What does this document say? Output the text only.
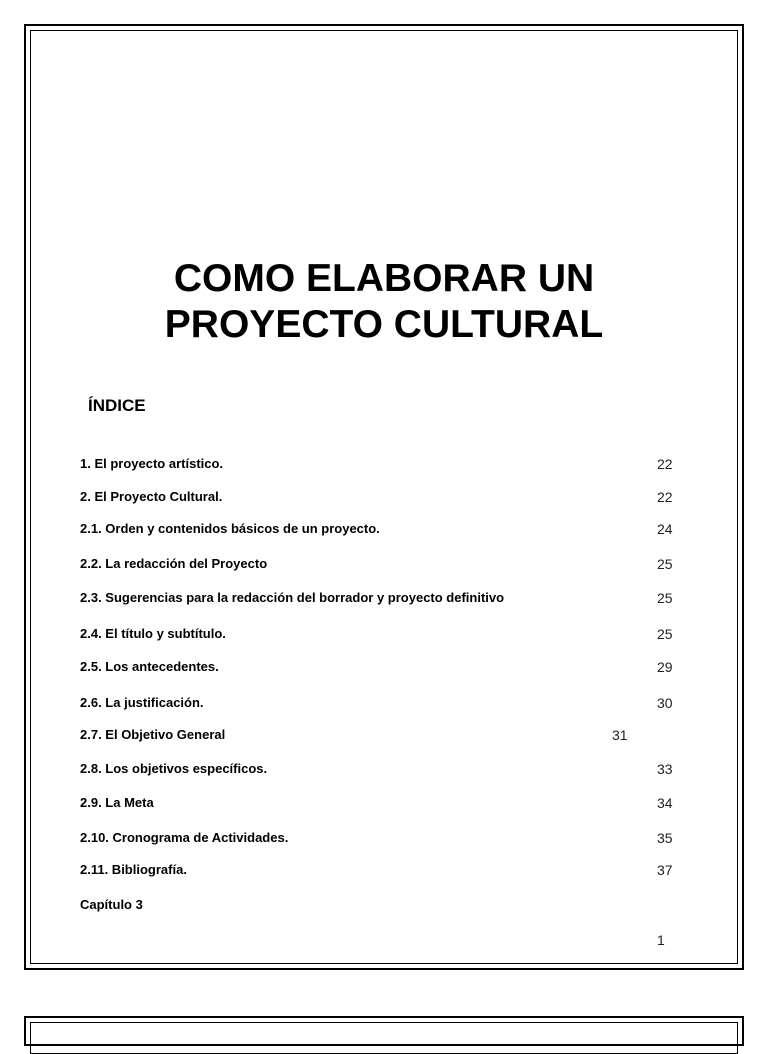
COMO ELABORAR UN
PROYECTO CULTURAL
ÍNDICE
1. El proyecto artístico.	22
2. El Proyecto Cultural.	22
2.1. Orden y contenidos básicos de un proyecto.	24
2.2. La redacción del Proyecto	25
2.3. Sugerencias para la redacción del borrador y proyecto definitivo	25
2.4. El título y subtítulo.	25
2.5. Los antecedentes.	29
2.6. La justificación.	30
2.7. El Objetivo General	31
2.8. Los objetivos específicos.	33
2.9. La Meta	34
2.10. Cronograma de Actividades.	35
2.11. Bibliografía.	37
Capítulo 3
1
